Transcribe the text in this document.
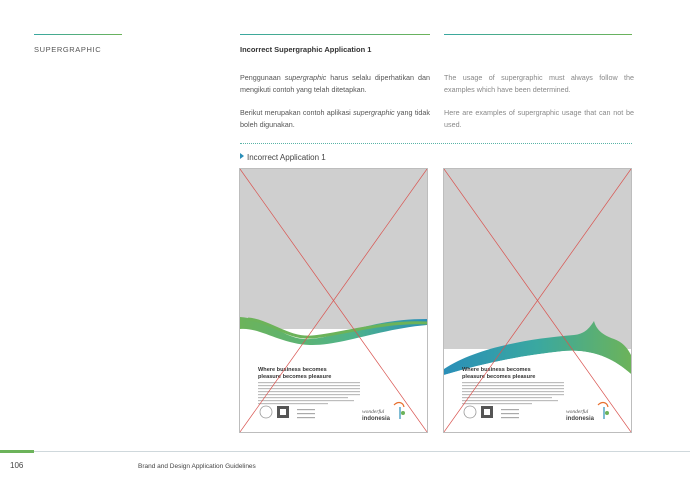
SUPERGRAPHIC	Incorrect Supergraphic Application 1

Penggunaan supergraphic harus selalu diperhatikan dan mengikuti contoh yang telah ditetapkan.

Berikut merupakan contoh aplikasi supergraphic yang tidak boleh digunakan.

The usage of supergraphic must always follow the examples which have been determined.

Here are examples of supergraphic usage that can not be used.

Incorrect Application 1
Where business becomes
pleasure becomes pleasure
wonderful
indonesia
Where business becomes
pleasure becomes pleasure
wonderful
indonesia
106	Brand and Design Application Guidelines
